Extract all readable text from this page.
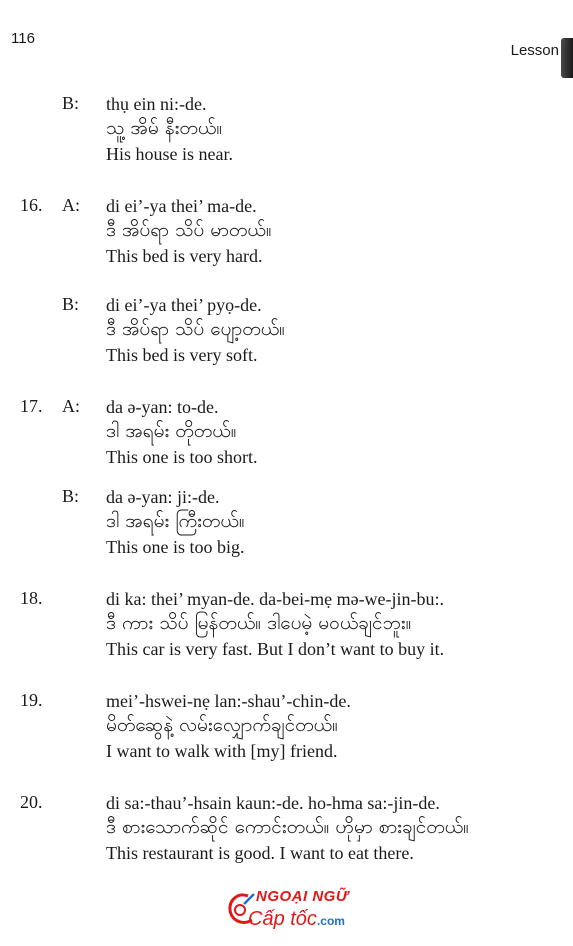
116
Lesson
B: thụ ein ni:-de.

သူ့ အိမ် နီးတယ်။

His house is near.

16. A: di ei’-ya thei’ ma-de.

ဒီ အိပ်ရာ သိပ် မာတယ်။

This bed is very hard.

B: di ei’-ya thei’ pyọ-de.

ဒီ အိပ်ရာ သိပ် ပျော့တယ်။

This bed is very soft.

17. A: da ə-yan: to-de.

ဒါ အရမ်း တိုတယ်။

This one is too short.

B: da ə-yan: ji:-de.

ဒါ အရမ်း ကြီးတယ်။

This one is too big.

18.	di ka: thei’ myan-de. da-bei-mẹ mə-we-jin-bu:.

ဒီ ကား သိပ် မြန်တယ်။ ဒါပေမဲ့ မဝယ်ချင်ဘူး။

This car is very fast. But I don’t want to buy it.

19.	mei’-hswei-nẹ lan:-shau’-chin-de.

မိတ်ဆွေနဲ့ လမ်းလျှောက်ချင်တယ်။

I want to walk with [my] friend.

20.	di sa:-thau’-hsain kaun:-de. ho-hma sa:-jin-de.

ဒီ စားသောက်ဆိုင် ကောင်းတယ်။ ဟိုမှာ စားချင်တယ်။

This restaurant is good. I want to eat there.

NGOẠI NGỮ
Cấp tốc.com
